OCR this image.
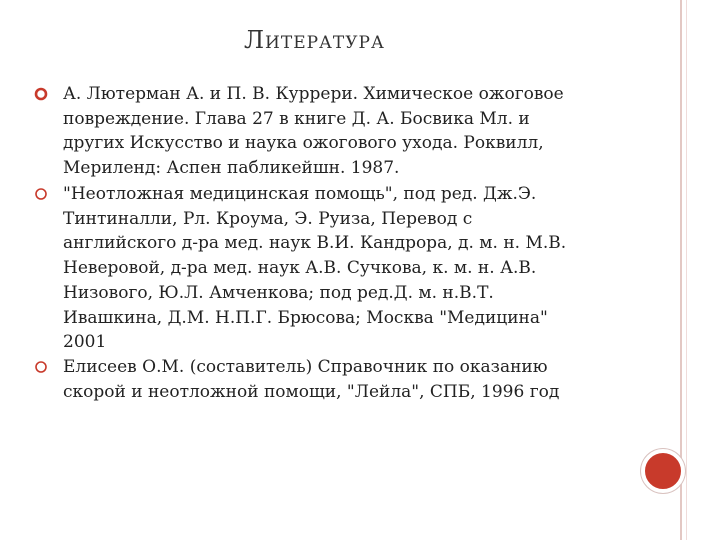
ЛИТЕРАТУРА

А. Лютерман А. и П. В. Куррери. Химическое ожоговое
повреждение. Глава 27 в книге Д. А. Босвика Мл. и
других Искусство и наука ожогового ухода. Роквилл,
Мериленд: Аспен пабликейшн. 1987.

"Неотложная медицинская помощь", под ред. Дж.Э.
Тинтиналли, Рл. Кроума, Э. Руиза, Перевод с
английского д-ра мед. наук В.И. Кандрора, д. м. н. М.В.
Неверовой, д-ра мед. наук А.В. Сучкова, к. м. н. А.В.
Низового, Ю.Л. Амченкова; под ред.Д. м. н.В.Т.
Ивашкина, Д.М. Н.П.Г. Брюсова; Москва "Медицина"
2001

Елисеев О.М. (составитель) Справочник по оказанию
скорой и неотложной помощи, "Лейла", СПБ, 1996 год
